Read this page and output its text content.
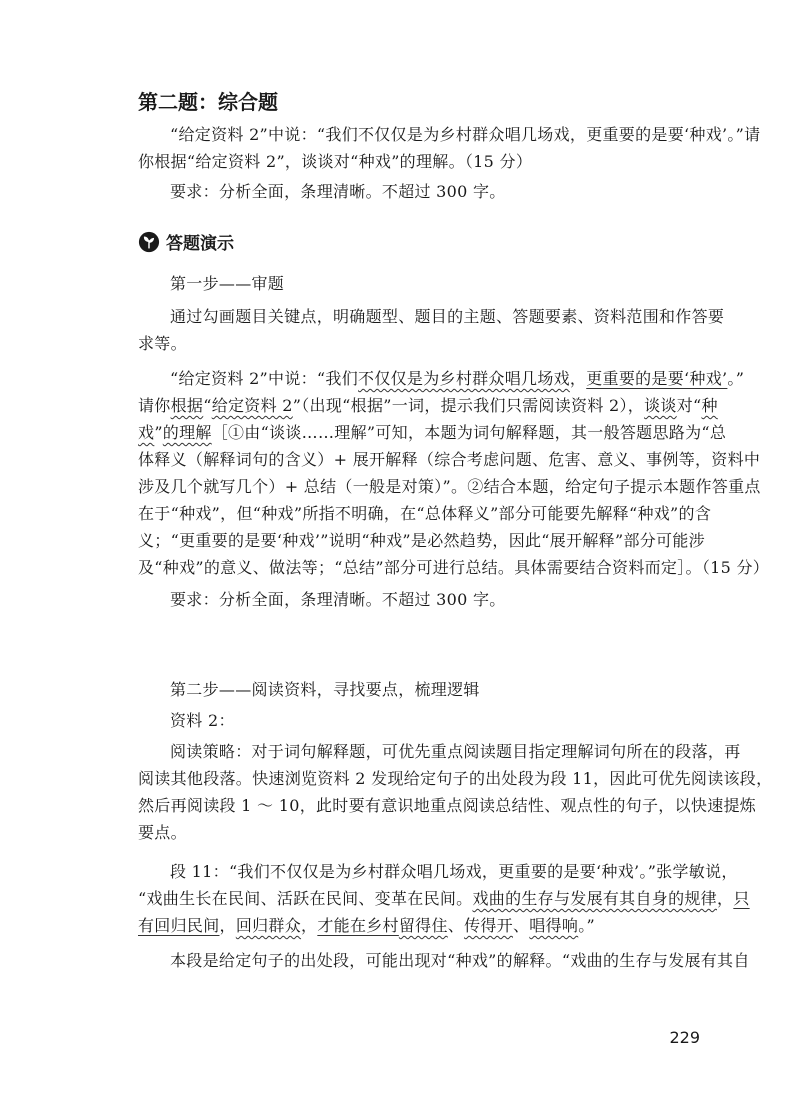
第二题：综合题
“给定资料 2”中说：“我们不仅仅是为乡村群众唱几场戏，更重要的是要‘种戏’。”请
你根据“给定资料 2”，谈谈对“种戏”的理解。（15 分）
要求：分析全面，条理清晰。不超过 300 字。
答题演示
第一步——审题
通过勾画题目关键点，明确题型、题目的主题、答题要素、资料范围和作答要
求等。
“给定资料 2”中说：“我们不仅仅是为乡村群众唱几场戏，更重要的是要‘种戏’。”
请你根据“给定资料 2”（出现“根据”一词，提示我们只需阅读资料 2），谈谈对“种
戏”的理解［①由“谈谈……理解”可知，本题为词句解释题，其一般答题思路为“总
体释义（解释词句的含义）+ 展开解释（综合考虑问题、危害、意义、事例等，资料中
涉及几个就写几个）+ 总结（一般是对策）”。②结合本题，给定句子提示本题作答重点
在于“种戏”，但“种戏”所指不明确，在“总体释义”部分可能要先解释“种戏”的含
义；“更重要的是要‘种戏’”说明“种戏”是必然趋势，因此“展开解释”部分可能涉
及“种戏”的意义、做法等；“总结”部分可进行总结。具体需要结合资料而定］。（15 分）
要求：分析全面，条理清晰。不超过 300 字。
第二步——阅读资料，寻找要点，梳理逻辑
资料 2：
阅读策略：对于词句解释题，可优先重点阅读题目指定理解词句所在的段落，再
阅读其他段落。快速浏览资料 2 发现给定句子的出处段为段 11，因此可优先阅读该段，
然后再阅读段 1 ～ 10，此时要有意识地重点阅读总结性、观点性的句子，以快速提炼
要点。
段 11：“我们不仅仅是为乡村群众唱几场戏，更重要的是要‘种戏’。”张学敏说，
“戏曲生长在民间、活跃在民间、变革在民间。戏曲的生存与发展有其自身的规律，只
有回归民间，回归群众，才能在乡村留得住、传得开、唱得响。”
本段是给定句子的出处段，可能出现对“种戏”的解释。“戏曲的生存与发展有其自
229
